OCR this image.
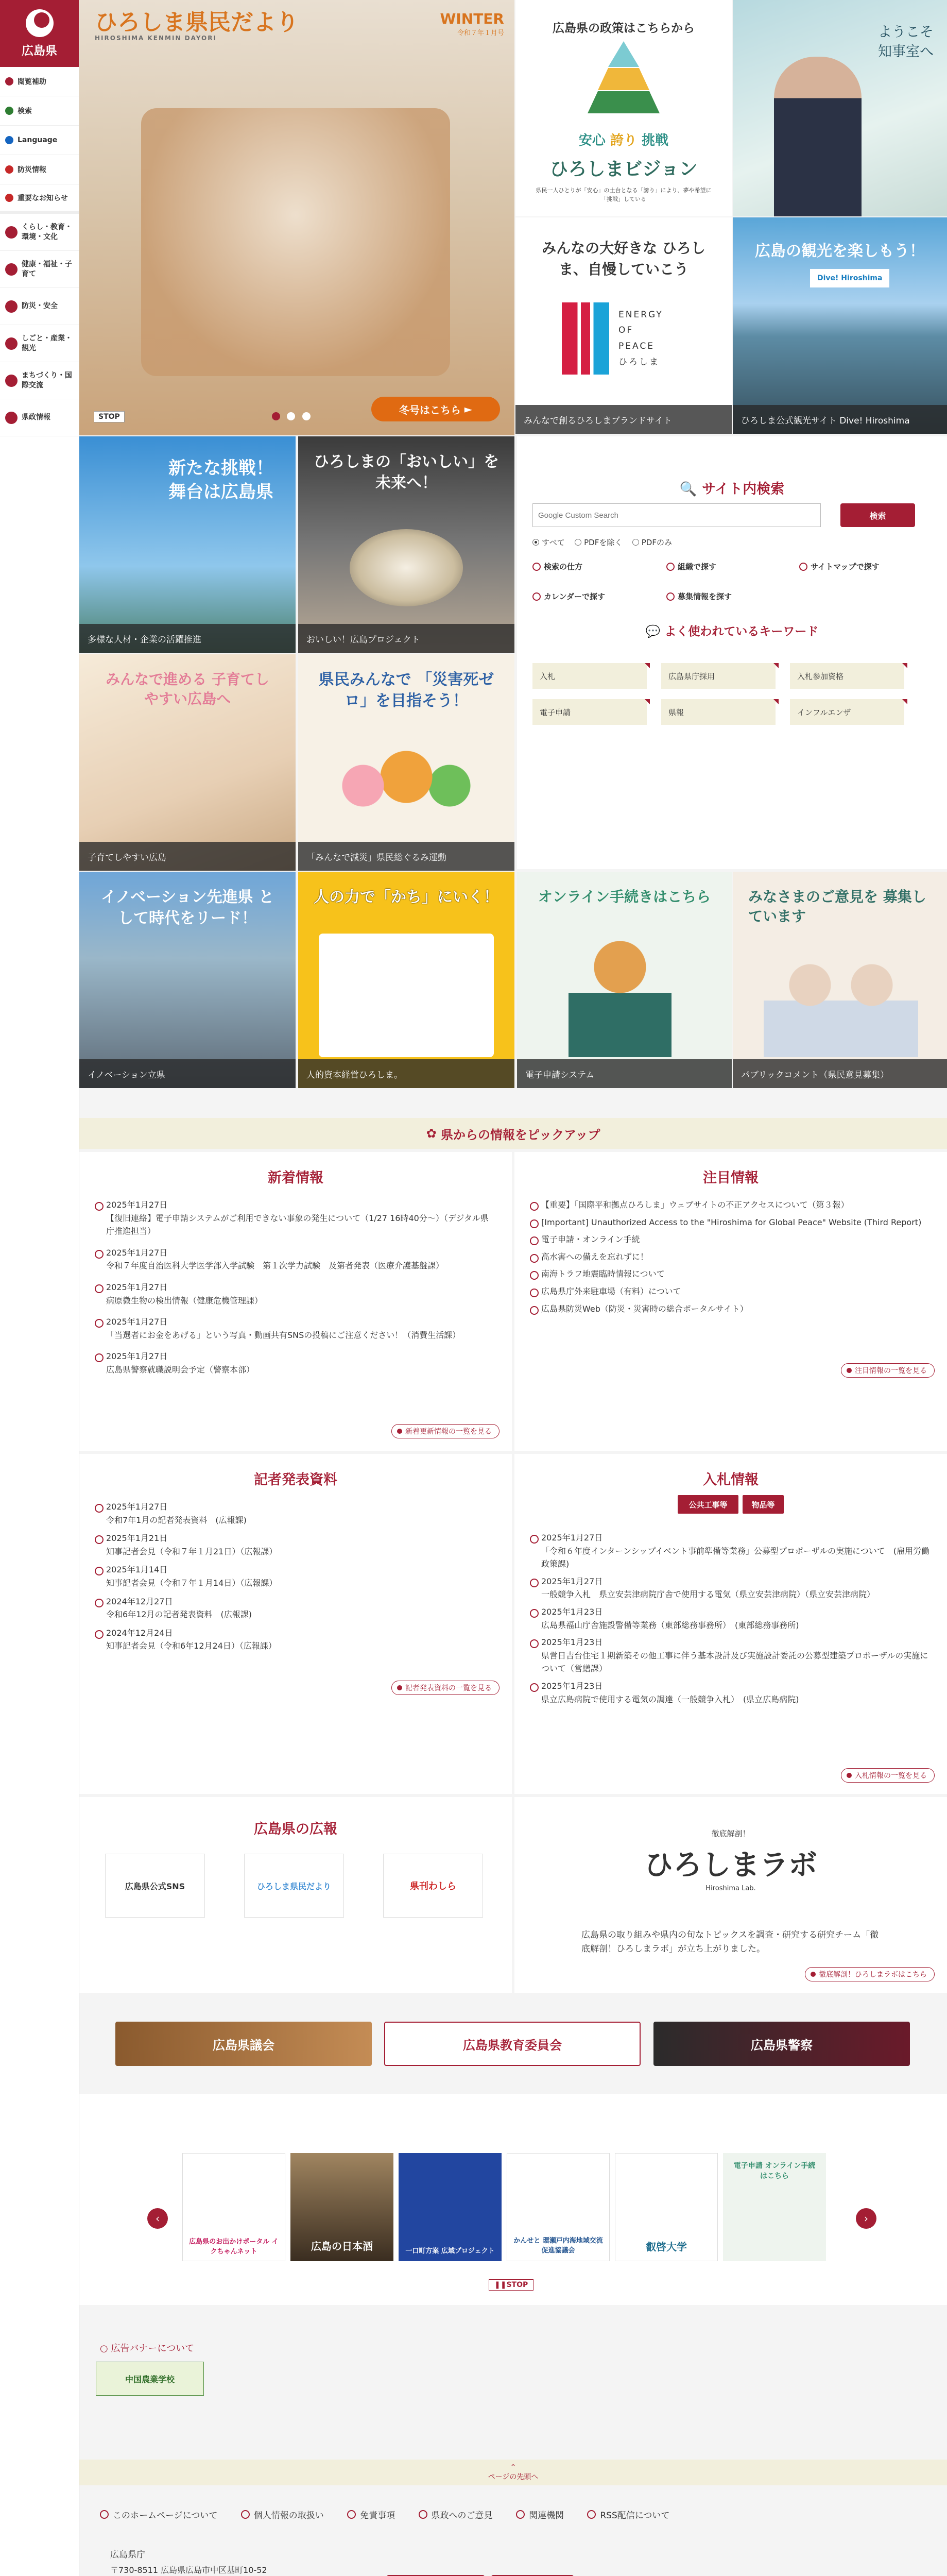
広島県
閲覧補助
検索
Language
防災情報
重要なお知らせ
くらし・教育・環境・文化
健康・福祉・子育て
防災・安全
しごと・産業・観光
まちづくり・国際交流
県政情報
ひろしま県民だより
HIROSHIMA KENMIN DAYORI
WINTER
令和７年１月号
冬号はこちら ►
STOP

広島県の政策はこちらから
安心 誇り 挑戦
ひろしまビジョン
県民一人ひとりが「安心」の土台となる「誇り」により、夢や希望に「挑戦」している
ようこそ 知事室へ
みんなの大好きな ひろしま、自慢していこう
ENERGY
OF
PEACE
ひろしま
みんなで創るひろしまブランドサイト
広島の観光を楽しもう！
Dive! Hiroshima
ひろしま公式観光サイト Dive! Hiroshima
新たな挑戦！ 舞台は広島県
多様な人材・企業の活躍推進
ひろしまの「おいしい」を 未来へ！
おいしい！広島プロジェクト
🔍 サイト内検索
Google Custom Search
検索
すべて
PDFを除く
PDFのみ
検索の仕方	組織で探す	サイトマップで探す
カレンダーで探す	募集情報を探す
💬 よく使われているキーワード
入札	広島県庁採用	入札参加資格
電子申請	県報	インフルエンザ
みんなで進める 子育てしやすい広島へ
子育てしやすい広島
県民みんなで 「災害死ゼロ」を目指そう！
「みんなで減災」県民総ぐるみ運動
イノベーション先進県 として時代をリード！
イノベーション立県
人の力で「かち」にいく！
人的資本経営ひろしま。
オンライン手続きはこちら
電子申請システム
みなさまのご意見を 募集しています
パブリックコメント（県民意見募集）
✿ 県からの情報をピックアップ
新着情報
2025年1月27日
【復旧連絡】電子申請システムがご利用できない事象の発生について（1/27 16時40分～）（デジタル県庁推進担当）
2025年1月27日
令和７年度自治医科大学医学部入学試験　第１次学力試験　及第者発表（医療介護基盤課）
2025年1月27日
病原微生物の検出情報（健康危機管理課）
2025年1月27日
「当選者にお金をあげる」という写真・動画共有SNSの投稿にご注意ください！（消費生活課）
2025年1月27日
広島県警察就職説明会予定（警察本部）
新着更新情報の一覧を見る
注目情報
【重要】「国際平和拠点ひろしま」ウェブサイトの不正アクセスについて（第３報）
[Important] Unauthorized Access to the "Hiroshima for Global Peace" Website (Third Report)
電子申請・オンライン手続
高水害への備えを忘れずに！
南海トラフ地震臨時情報について
広島県庁外来駐車場（有料）について
広島県防災Web（防災・災害時の総合ポータルサイト）
注目情報の一覧を見る
記者発表資料
2025年1月27日
令和7年1月の記者発表資料　(広報課)
2025年1月21日
知事記者会見（令和７年１月21日）（広報課）
2025年1月14日
知事記者会見（令和７年１月14日）（広報課）
2024年12月27日
令和6年12月の記者発表資料　(広報課)
2024年12月24日
知事記者会見（令和6年12月24日）（広報課）
記者発表資料の一覧を見る
入札情報
公共工事等	物品等
2025年1月27日
「令和６年度インターンシップイベント事前準備等業務」公募型プロポーザルの実施について　(雇用労働政策課)
2025年1月27日
一般競争入札　県立安芸津病院庁舎で使用する電気（県立安芸津病院）（県立安芸津病院）
2025年1月23日
広島県福山庁舎施設警備等業務（東部総務事務所）　(東部総務事務所)
2025年1月23日
県営日吉台住宅１期新築その他工事に伴う基本設計及び実施設計委託の公募型建築プロポーザルの実施について（営繕課）
2025年1月23日
県立広島病院で使用する電気の調達（一般競争入札）　(県立広島病院)
入札情報の一覧を見る
広島県の広報
広島県公式SNS	ひろしま県民だより	県刊わしら
徹底解剖！
ひろしまラボ
Hiroshima Lab.
広島県の取り組みや県内の旬なトピックスを調査・研究する研究チーム「徹底解剖！ひろしまラボ」が立ち上がりました。
徹底解剖！ひろしまラボはこちら
広島県議会	広島県教育委員会	広島県警察
‹
広島県のお出かけポータル イクちゃんネット	広島の日本酒	一口町方案 広域プロジェクト
かんせと 環瀬戸内海地域交流促進協議会	叡啓大学
電子申請 オンライン手続はこちら
›
❚❚STOP
○ 広告バナーについて
中国農業学校
⌃
ページの先頭へ
このホームページについて	個人情報の取扱い	免責事項	県政へのご意見	関連機関	RSS配信について
広島県庁
〒730-8511 広島県広島市中区基町10-52
